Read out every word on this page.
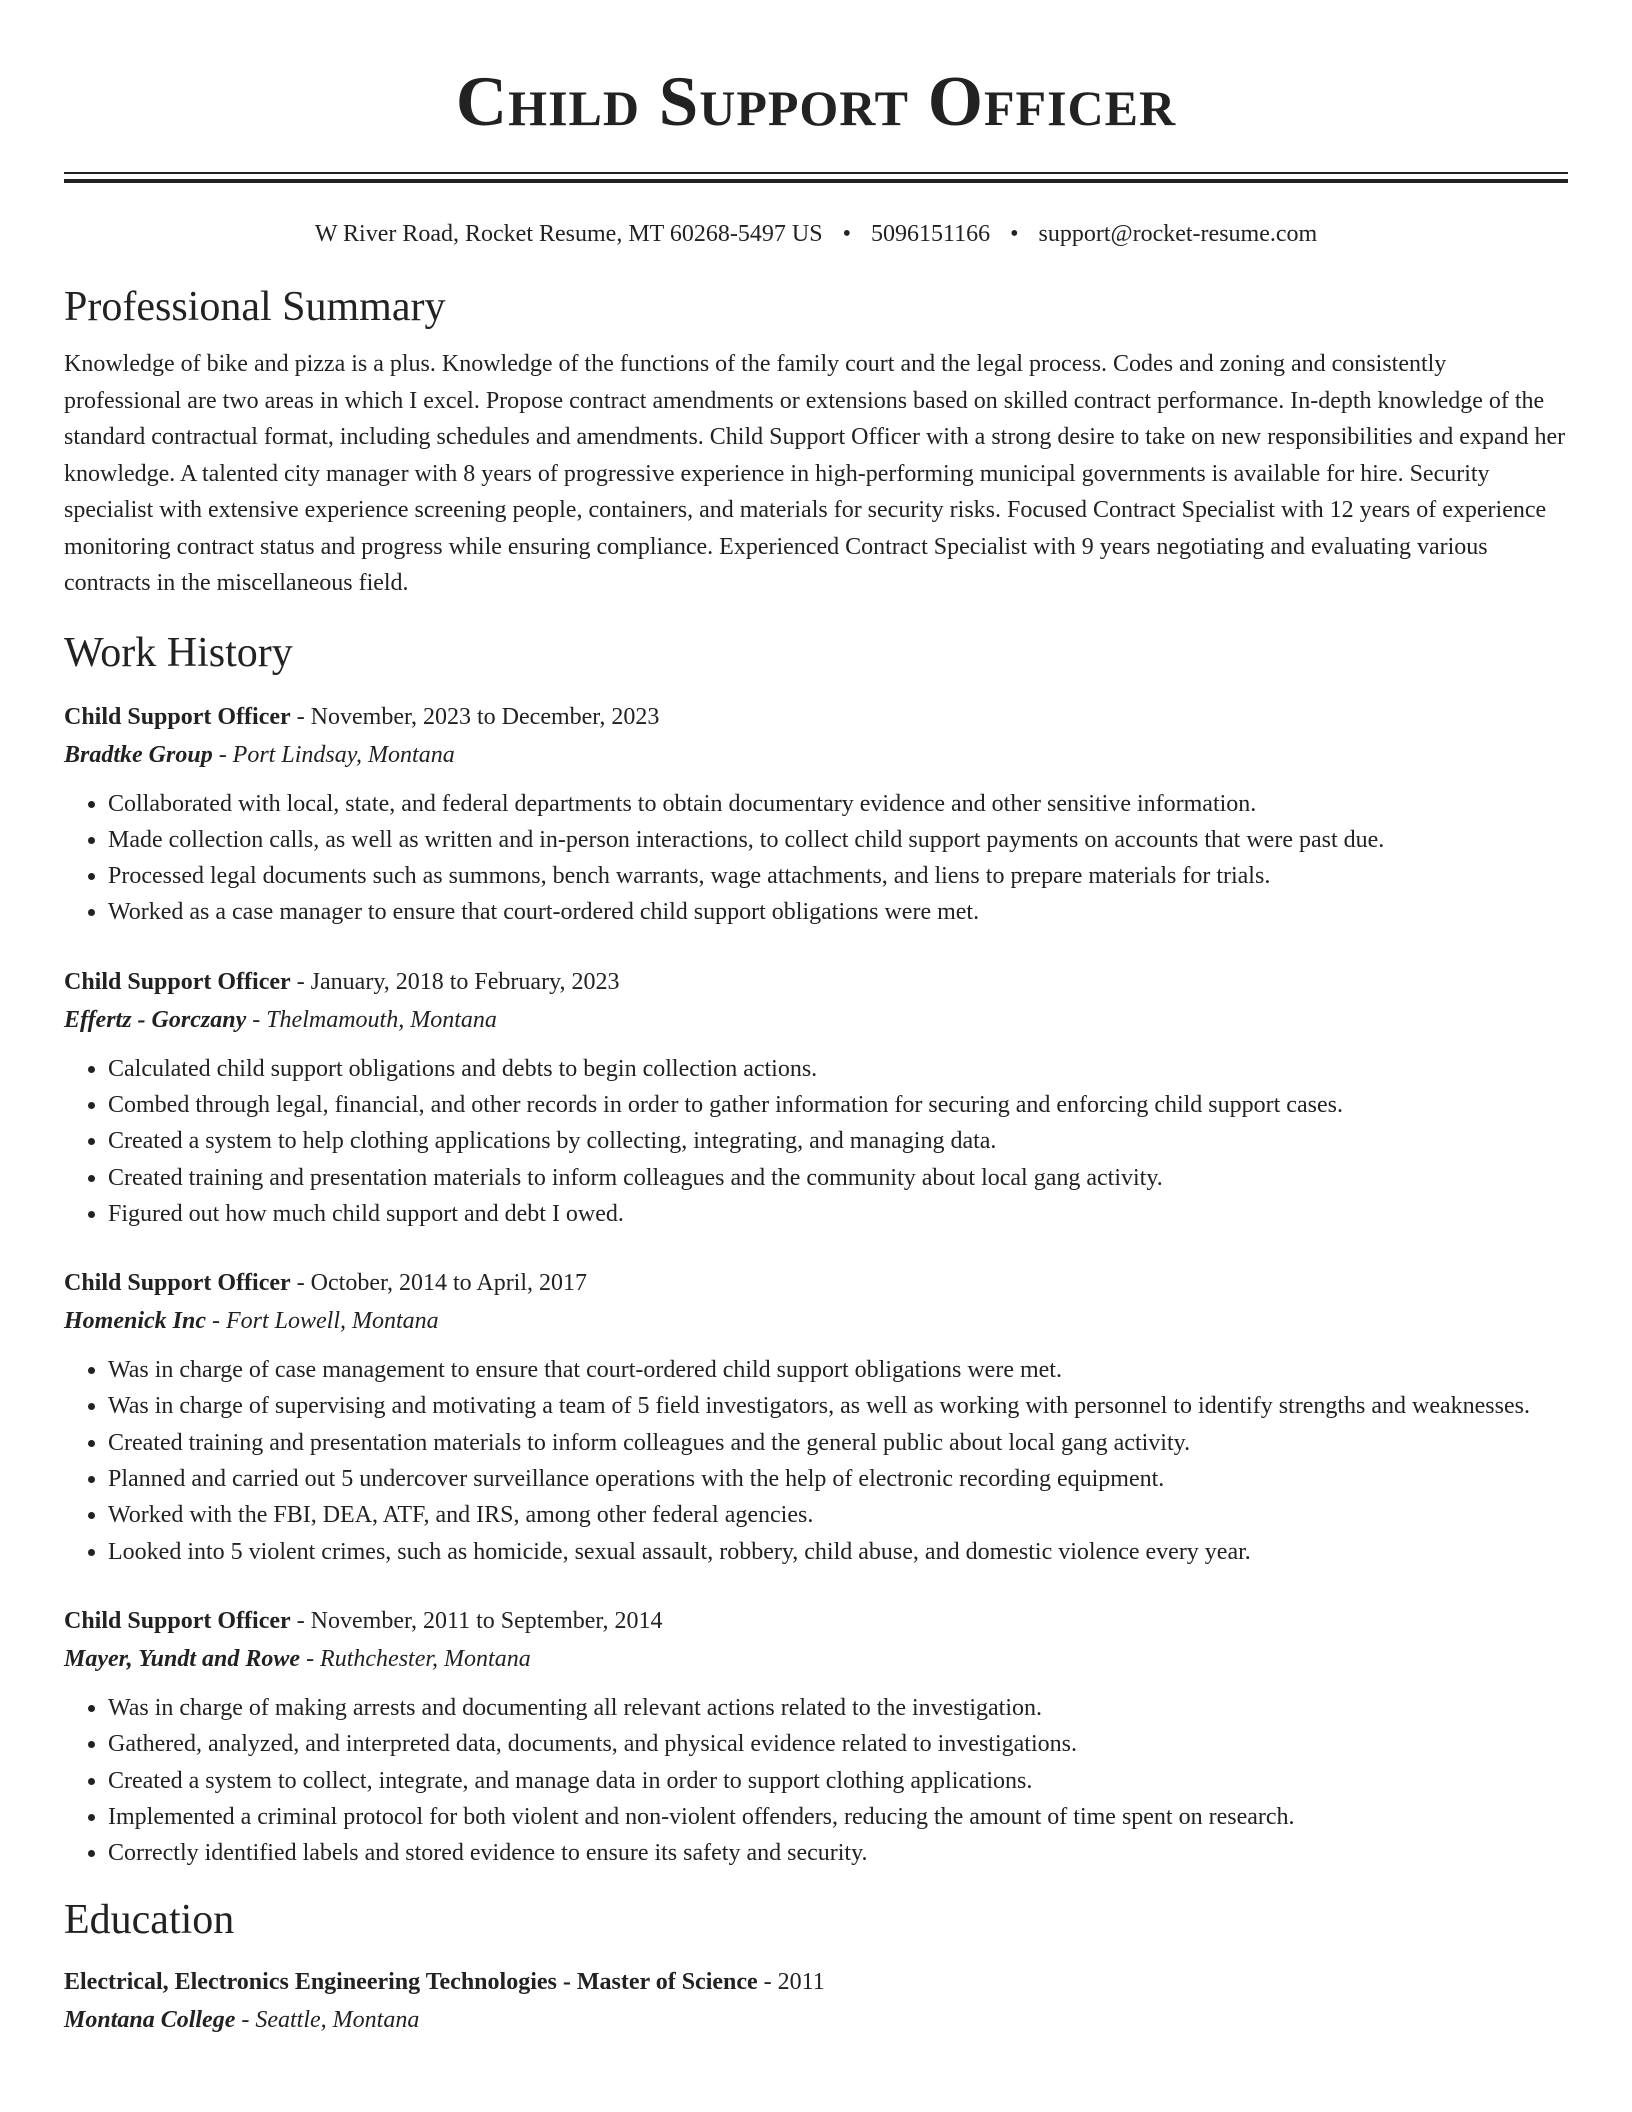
Child Support Officer
W River Road, Rocket Resume, MT 60268-5497 US • 5096151166 • support@rocket-resume.com
Professional Summary

Knowledge of bike and pizza is a plus. Knowledge of the functions of the family court and the legal process. Codes and zoning and consistently professional are two areas in which I excel. Propose contract amendments or extensions based on skilled contract performance. In-depth knowledge of the standard contractual format, including schedules and amendments. Child Support Officer with a strong desire to take on new responsibilities and expand her knowledge. A talented city manager with 8 years of progressive experience in high-performing municipal governments is available for hire. Security specialist with extensive experience screening people, containers, and materials for security risks. Focused Contract Specialist with 12 years of experience monitoring contract status and progress while ensuring compliance. Experienced Contract Specialist with 9 years negotiating and evaluating various contracts in the miscellaneous field.

Work History
Child Support Officer - November, 2023 to December, 2023
Bradtke Group - Port Lindsay, Montana
• Collaborated with local, state, and federal departments to obtain documentary evidence and other sensitive information.
• Made collection calls, as well as written and in-person interactions, to collect child support payments on accounts that were past due.
• Processed legal documents such as summons, bench warrants, wage attachments, and liens to prepare materials for trials.
• Worked as a case manager to ensure that court-ordered child support obligations were met.
Child Support Officer - January, 2018 to February, 2023
Effertz - Gorczany - Thelmamouth, Montana
• Calculated child support obligations and debts to begin collection actions.
• Combed through legal, financial, and other records in order to gather information for securing and enforcing child support cases.
• Created a system to help clothing applications by collecting, integrating, and managing data.
• Created training and presentation materials to inform colleagues and the community about local gang activity.
• Figured out how much child support and debt I owed.
Child Support Officer - October, 2014 to April, 2017
Homenick Inc - Fort Lowell, Montana
• Was in charge of case management to ensure that court-ordered child support obligations were met.
• Was in charge of supervising and motivating a team of 5 field investigators, as well as working with personnel to identify strengths and weaknesses.
• Created training and presentation materials to inform colleagues and the general public about local gang activity.
• Planned and carried out 5 undercover surveillance operations with the help of electronic recording equipment.
• Worked with the FBI, DEA, ATF, and IRS, among other federal agencies.
• Looked into 5 violent crimes, such as homicide, sexual assault, robbery, child abuse, and domestic violence every year.
Child Support Officer - November, 2011 to September, 2014
Mayer, Yundt and Rowe - Ruthchester, Montana
• Was in charge of making arrests and documenting all relevant actions related to the investigation.
• Gathered, analyzed, and interpreted data, documents, and physical evidence related to investigations.
• Created a system to collect, integrate, and manage data in order to support clothing applications.
• Implemented a criminal protocol for both violent and non-violent offenders, reducing the amount of time spent on research.
• Correctly identified labels and stored evidence to ensure its safety and security.
Education
Electrical, Electronics Engineering Technologies - Master of Science - 2011
Montana College - Seattle, Montana
